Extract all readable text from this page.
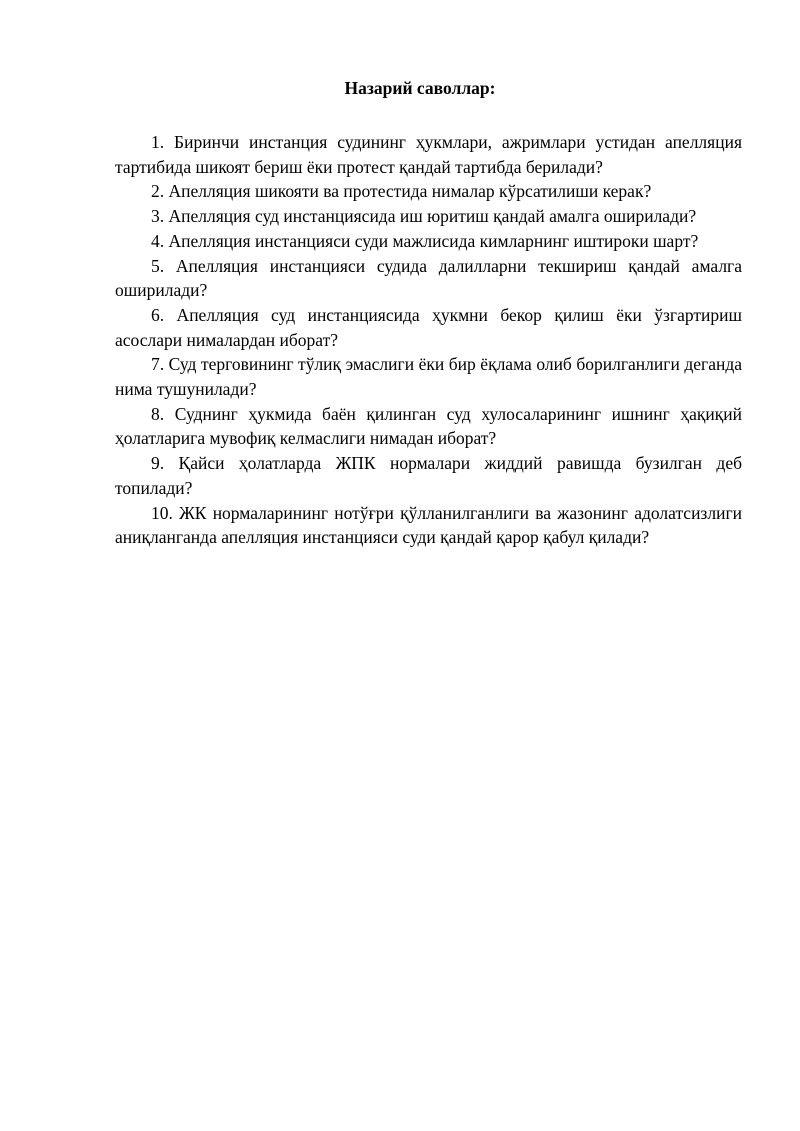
Назарий саволлар:

1. Биринчи инстанция судининг ҳукмлари, ажримлари устидан апелляция тартибида шикоят бериш ёки протест қандай тартибда берилади?

2. Апелляция шикояти ва протестида нималар кўрсатилиши керак?

3. Апелляция суд инстанциясида иш юритиш қандай амалга оширилади?

4. Апелляция инстанцияси суди мажлисида кимларнинг иштироки шарт?

5. Апелляция инстанцияси судида далилларни текшириш қандай амалга оширилади?

6. Апелляция суд инстанциясида ҳукмни бекор қилиш ёки ўзгартириш асослари нималардан иборат?

7. Суд терговининг тўлиқ эмаслиги ёки бир ёқлама олиб борилганлиги деганда нима тушунилади?

8. Суднинг ҳукмида баён қилинган суд хулосаларининг ишнинг ҳақиқий ҳолатларига мувофиқ келмаслиги нимадан иборат?

9. Қайси ҳолатларда ЖПК нормалари жиддий равишда бузилган деб топилади?

10. ЖК нормаларининг нотўғри қўлланилганлиги ва жазонинг адолатсизлиги аниқланганда апелляция инстанцияси суди қандай қарор қабул қилади?
